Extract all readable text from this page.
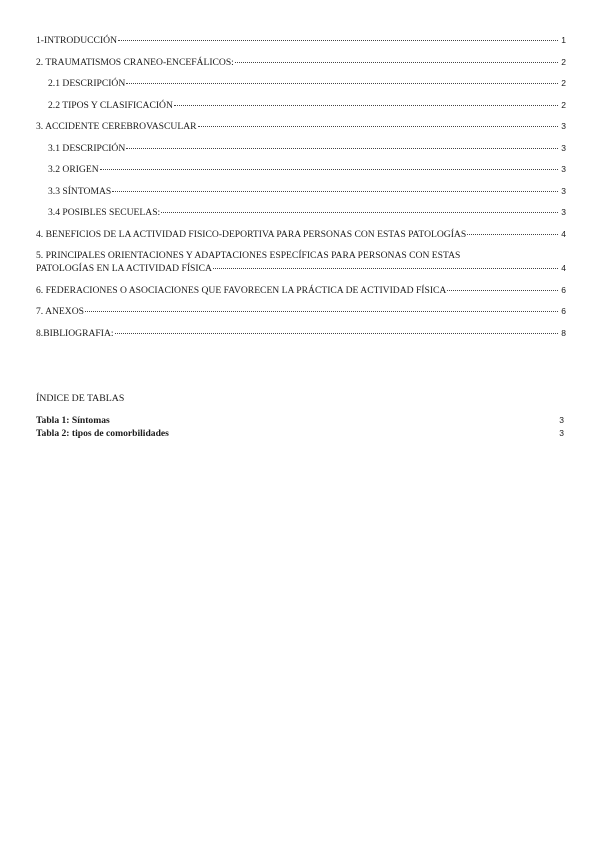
1-INTRODUCCIÓN	1
2. TRAUMATISMOS CRANEO-ENCEFÁLICOS:	2
2.1 DESCRIPCIÓN	2
2.2 TIPOS Y CLASIFICACIÓN	2
3. ACCIDENTE CEREBROVASCULAR	3
3.1 DESCRIPCIÓN	3
3.2 ORIGEN	3
3.3 SÍNTOMAS	3
3.4 POSIBLES SECUELAS:	3
4. BENEFICIOS DE LA ACTIVIDAD FISICO-DEPORTIVA PARA PERSONAS CON ESTAS PATOLOGÍAS	4
5. PRINCIPALES ORIENTACIONES Y ADAPTACIONES ESPECÍFICAS PARA PERSONAS CON ESTAS
PATOLOGÍAS EN LA ACTIVIDAD FÍSICA	4
6. FEDERACIONES O ASOCIACIONES QUE FAVORECEN LA PRÁCTICA DE ACTIVIDAD FÍSICA	6
7. ANEXOS	6
8.BIBLIOGRAFIA:	8
ÍNDICE DE TABLAS
Tabla 1: Síntomas	3
Tabla 2: tipos de comorbilidades	3
